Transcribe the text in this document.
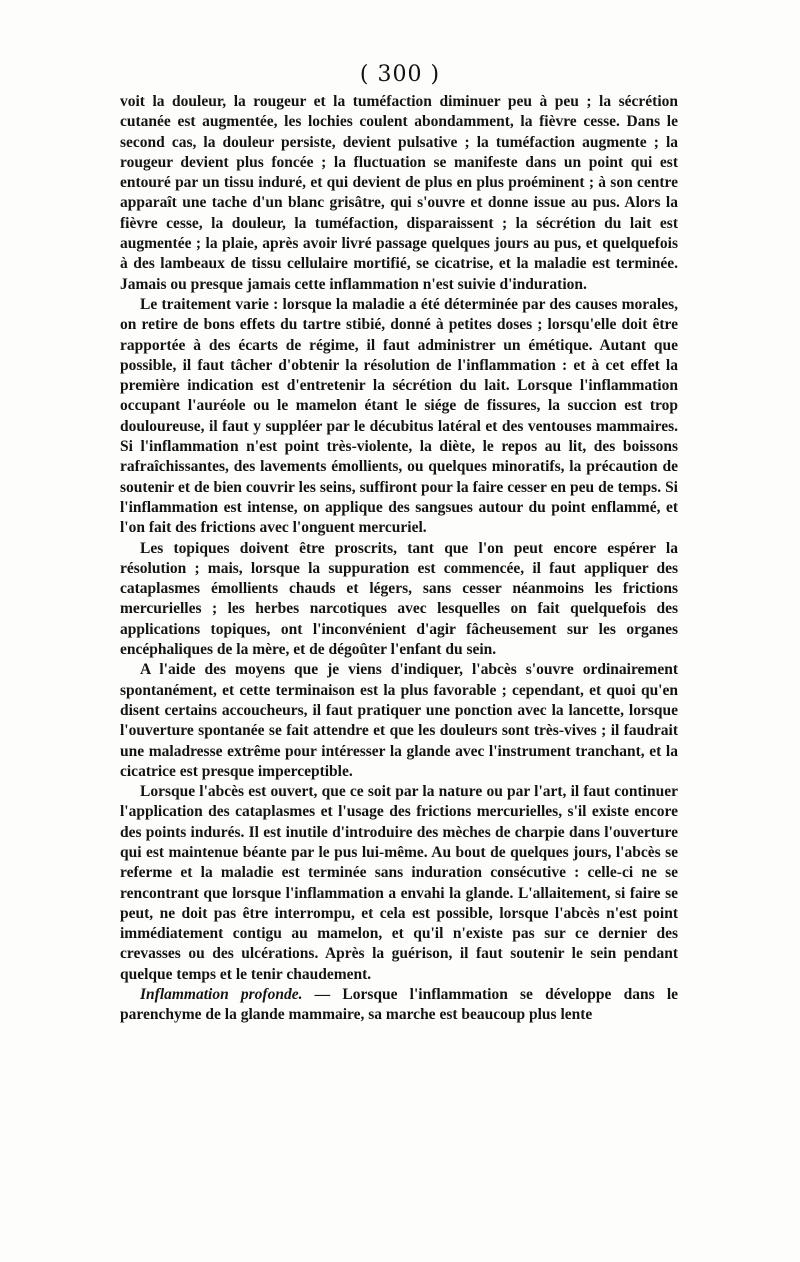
( 300 )

voit la douleur, la rougeur et la tuméfaction diminuer peu à peu ; la sécrétion cutanée est augmentée, les lochies coulent abondamment, la fièvre cesse. Dans le second cas, la douleur persiste, devient pulsative ; la tuméfaction augmente ; la rougeur devient plus foncée ; la fluctuation se manifeste dans un point qui est entouré par un tissu induré, et qui devient de plus en plus proéminent ; à son centre apparaît une tache d'un blanc grisâtre, qui s'ouvre et donne issue au pus. Alors la fièvre cesse, la douleur, la tuméfaction, disparaissent ; la sécrétion du lait est augmentée ; la plaie, après avoir livré passage quelques jours au pus, et quelquefois à des lambeaux de tissu cellulaire mortifié, se cicatrise, et la maladie est terminée. Jamais ou presque jamais cette inflammation n'est suivie d'induration.

Le traitement varie : lorsque la maladie a été déterminée par des causes morales, on retire de bons effets du tartre stibié, donné à petites doses ; lorsqu'elle doit être rapportée à des écarts de régime, il faut administrer un émétique. Autant que possible, il faut tâcher d'obtenir la résolution de l'inflammation : et à cet effet la première indication est d'entretenir la sécrétion du lait. Lorsque l'inflammation occupant l'auréole ou le mamelon étant le siége de fissures, la succion est trop douloureuse, il faut y suppléer par le décubitus latéral et des ventouses mammaires. Si l'inflammation n'est point très-violente, la diète, le repos au lit, des boissons rafraîchissantes, des lavements émollients, ou quelques minoratifs, la précaution de soutenir et de bien couvrir les seins, suffiront pour la faire cesser en peu de temps. Si l'inflammation est intense, on applique des sangsues autour du point enflammé, et l'on fait des frictions avec l'onguent mercuriel.

Les topiques doivent être proscrits, tant que l'on peut encore espérer la résolution ; mais, lorsque la suppuration est commencée, il faut appliquer des cataplasmes émollients chauds et légers, sans cesser néanmoins les frictions mercurielles ; les herbes narcotiques avec lesquelles on fait quelquefois des applications topiques, ont l'inconvénient d'agir fâcheusement sur les organes encéphaliques de la mère, et de dégoûter l'enfant du sein.

A l'aide des moyens que je viens d'indiquer, l'abcès s'ouvre ordinairement spontanément, et cette terminaison est la plus favorable ; cependant, et quoi qu'en disent certains accoucheurs, il faut pratiquer une ponction avec la lancette, lorsque l'ouverture spontanée se fait attendre et que les douleurs sont très-vives ; il faudrait une maladresse extrême pour intéresser la glande avec l'instrument tranchant, et la cicatrice est presque imperceptible.

Lorsque l'abcès est ouvert, que ce soit par la nature ou par l'art, il faut continuer l'application des cataplasmes et l'usage des frictions mercurielles, s'il existe encore des points indurés. Il est inutile d'introduire des mèches de charpie dans l'ouverture qui est maintenue béante par le pus lui-même. Au bout de quelques jours, l'abcès se referme et la maladie est terminée sans induration consécutive : celle-ci ne se rencontrant que lorsque l'inflammation a envahi la glande. L'allaitement, si faire se peut, ne doit pas être interrompu, et cela est possible, lorsque l'abcès n'est point immédiatement contigu au mamelon, et qu'il n'existe pas sur ce dernier des crevasses ou des ulcérations. Après la guérison, il faut soutenir le sein pendant quelque temps et le tenir chaudement.

Inflammation profonde. — Lorsque l'inflammation se développe dans le parenchyme de la glande mammaire, sa marche est beaucoup plus lente
